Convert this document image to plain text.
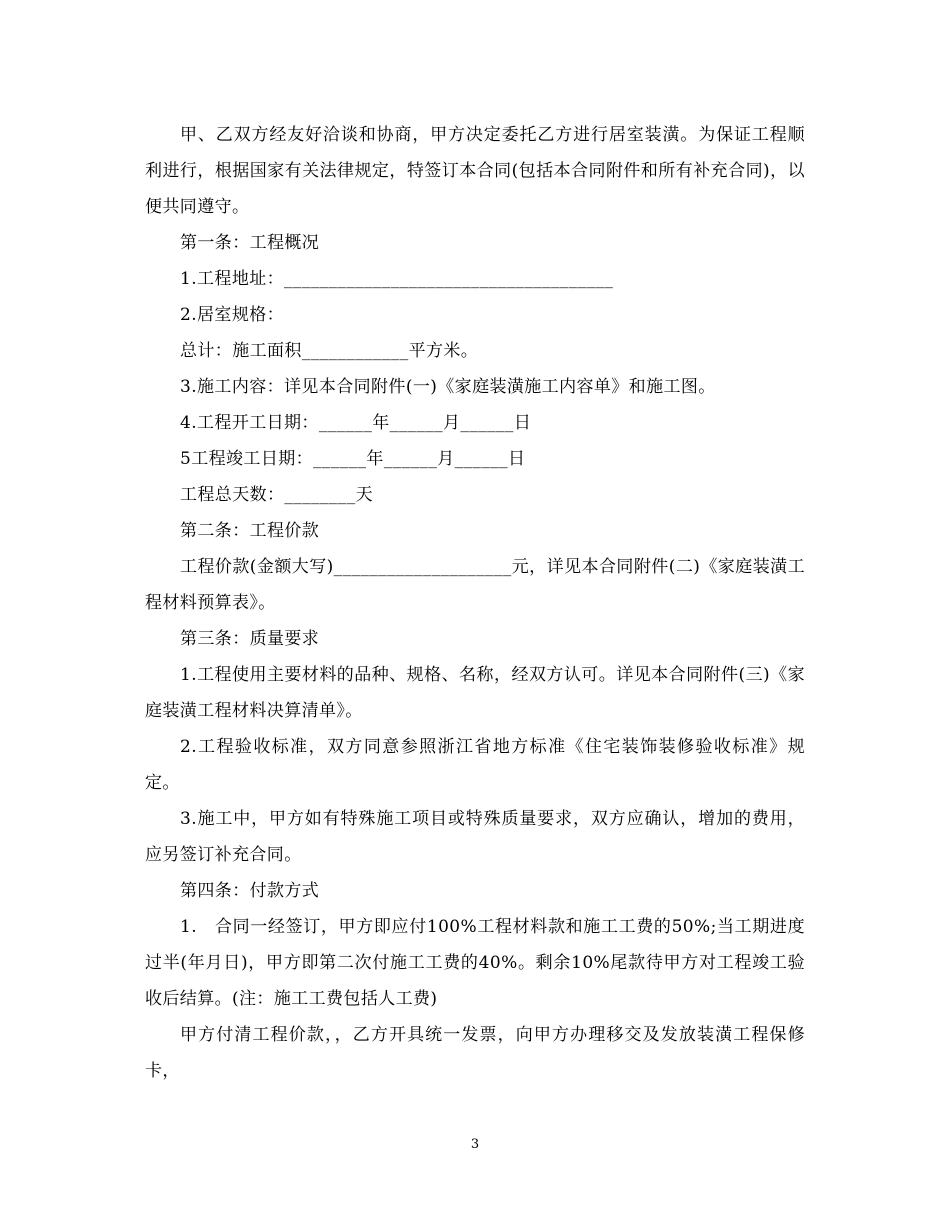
甲、乙双方经友好洽谈和协商，甲方决定委托乙方进行居室装潢。为保证工程顺利进行，根据国家有关法律规定，特签订本合同(包括本合同附件和所有补充合同)，以便共同遵守。

第一条：工程概况

1.工程地址：_____________________________________

2.居室规格：

总计：施工面积____________平方米。

3.施工内容：详见本合同附件(一)《家庭装潢施工内容单》和施工图。

4.工程开工日期：______年______月______日

5工程竣工日期：______年______月______日

工程总天数：________天

第二条：工程价款

工程价款(金额大写)____________________元，详见本合同附件(二)《家庭装潢工程材料预算表》。

第三条：质量要求

1.工程使用主要材料的品种、规格、名称，经双方认可。详见本合同附件(三)《家庭装潢工程材料决算清单》。

2.工程验收标准，双方同意参照浙江省地方标准《住宅装饰装修验收标准》规定。

3.施工中，甲方如有特殊施工项目或特殊质量要求，双方应确认，增加的费用，应另签订补充合同。

第四条：付款方式

1.　合同一经签订，甲方即应付100%工程材料款和施工工费的50%;当工期进度过半(年月日)，甲方即第二次付施工工费的40%。剩余10%尾款待甲方对工程竣工验收后结算。(注：施工工费包括人工费)

甲方付清工程价款，，乙方开具统一发票，向甲方办理移交及发放装潢工程保修卡，

3
